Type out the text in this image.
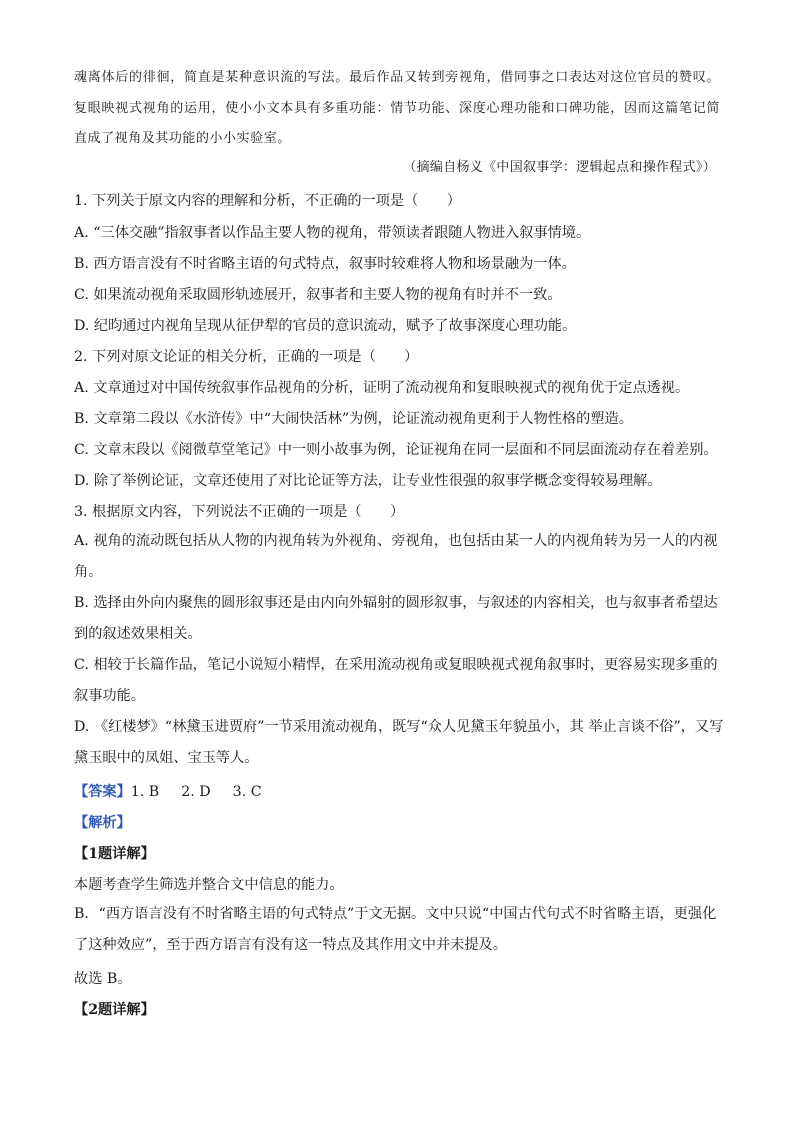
魂离体后的徘徊，简直是某种意识流的写法。最后作品又转到旁视角，借同事之口表达对这位官员的赞叹。复眼映视式视角的运用，使小小文本具有多重功能：情节功能、深度心理功能和口碑功能，因而这篇笔记简直成了视角及其功能的小小实验室。
（摘编自杨义《中国叙事学：逻辑起点和操作程式》）
1. 下列关于原文内容的理解和分析，不正确的一项是（　　）
A. “三体交融”指叙事者以作品主要人物的视角，带领读者跟随人物进入叙事情境。
B. 西方语言没有不时省略主语的句式特点，叙事时较难将人物和场景融为一体。
C. 如果流动视角采取圆形轨迹展开，叙事者和主要人物的视角有时并不一致。
D. 纪昀通过内视角呈现从征伊犁的官员的意识流动，赋予了故事深度心理功能。
2. 下列对原文论证的相关分析，正确的一项是（　　）
A. 文章通过对中国传统叙事作品视角的分析，证明了流动视角和复眼映视式的视角优于定点透视。
B. 文章第二段以《水浒传》中“大闹快活林”为例，论证流动视角更利于人物性格的塑造。
C. 文章末段以《阅微草堂笔记》中一则小故事为例，论证视角在同一层面和不同层面流动存在着差别。
D. 除了举例论证，文章还使用了对比论证等方法，让专业性很强的叙事学概念变得较易理解。
3. 根据原文内容，下列说法不正确的一项是（　　）
A. 视角的流动既包括从人物的内视角转为外视角、旁视角，也包括由某一人的内视角转为另一人的内视角。
B. 选择由外向内聚焦的圆形叙事还是由内向外辐射的圆形叙事，与叙述的内容相关，也与叙事者希望达到的叙述效果相关。
C. 相较于长篇作品，笔记小说短小精悍，在采用流动视角或复眼映视式视角叙事时，更容易实现多重的叙事功能。
D. 《红楼梦》“林黛玉进贾府”一节采用流动视角，既写“众人见黛玉年貌虽小，其 举止言谈不俗”，又写黛玉眼中的凤姐、宝玉等人。
【答案】1. B 2. D 3. C
【解析】
【1题详解】
本题考查学生筛选并整合文中信息的能力。
B．“西方语言没有不时省略主语的句式特点”于文无据。文中只说“中国古代句式不时省略主语，更强化了这种效应”，至于西方语言有没有这一特点及其作用文中并未提及。
故选 B。
【2题详解】
